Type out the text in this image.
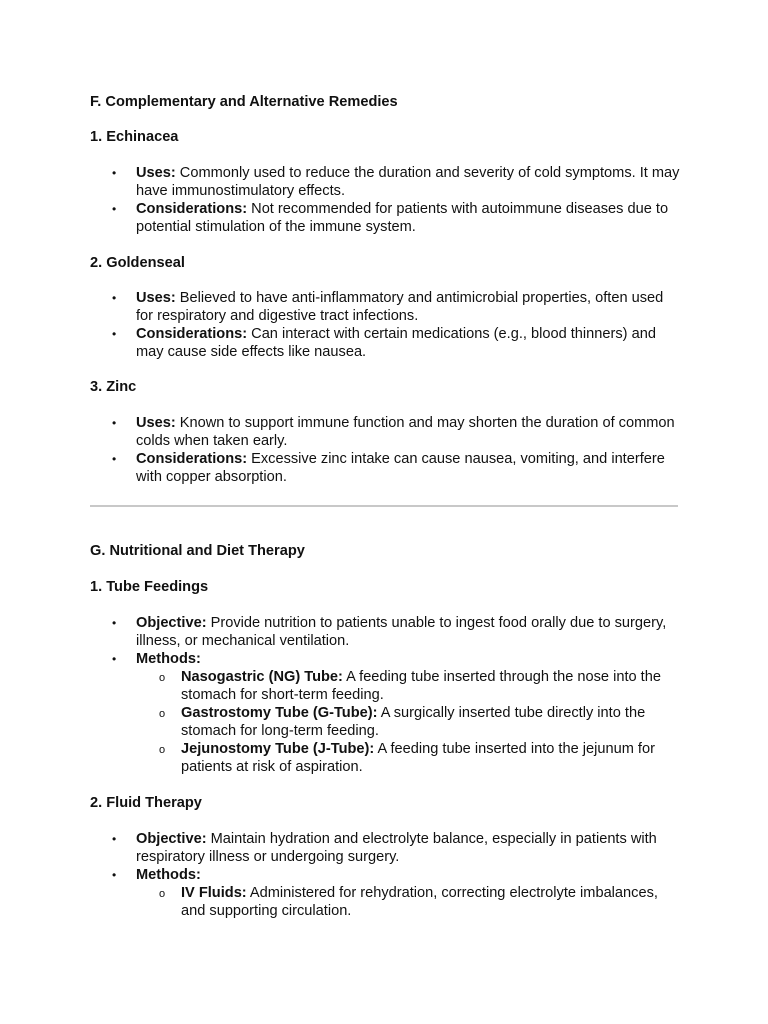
F. Complementary and Alternative Remedies
1. Echinacea
• Uses: Commonly used to reduce the duration and severity of cold symptoms. It may have immunostimulatory effects.
• Considerations: Not recommended for patients with autoimmune diseases due to potential stimulation of the immune system.
2. Goldenseal
• Uses: Believed to have anti-inflammatory and antimicrobial properties, often used for respiratory and digestive tract infections.
• Considerations: Can interact with certain medications (e.g., blood thinners) and may cause side effects like nausea.
3. Zinc
• Uses: Known to support immune function and may shorten the duration of common colds when taken early.
• Considerations: Excessive zinc intake can cause nausea, vomiting, and interfere with copper absorption.
G. Nutritional and Diet Therapy
1. Tube Feedings
• Objective: Provide nutrition to patients unable to ingest food orally due to surgery, illness, or mechanical ventilation.
• Methods:
o Nasogastric (NG) Tube: A feeding tube inserted through the nose into the stomach for short-term feeding.
o Gastrostomy Tube (G-Tube): A surgically inserted tube directly into the stomach for long-term feeding.
o Jejunostomy Tube (J-Tube): A feeding tube inserted into the jejunum for patients at risk of aspiration.
2. Fluid Therapy
• Objective: Maintain hydration and electrolyte balance, especially in patients with respiratory illness or undergoing surgery.
• Methods:
o IV Fluids: Administered for rehydration, correcting electrolyte imbalances, and supporting circulation.
